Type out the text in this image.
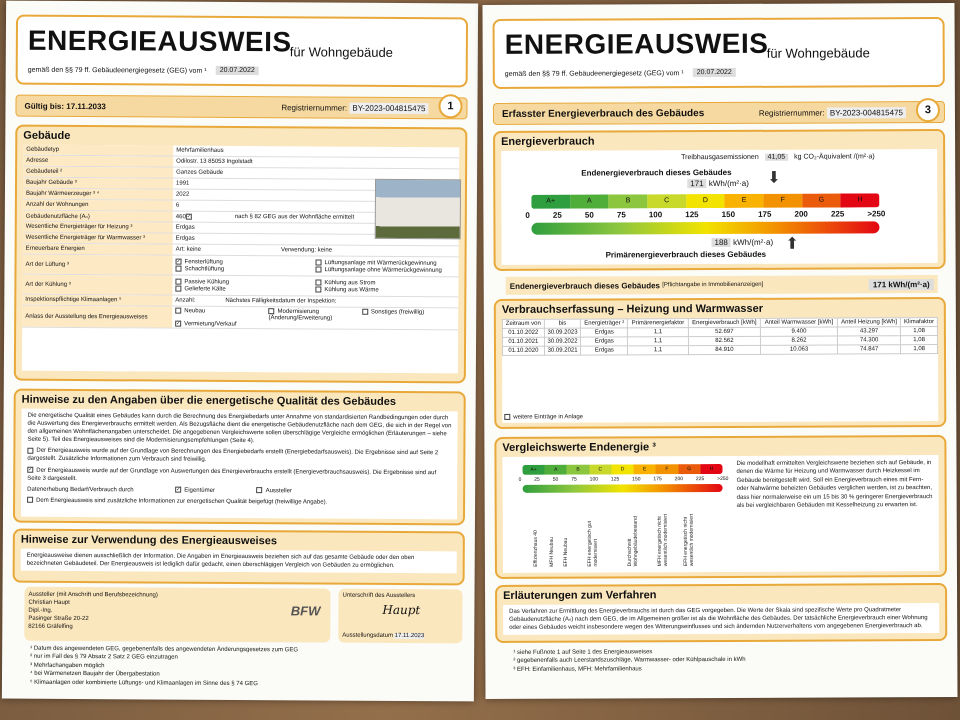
ENERGIEAUSWEIS
für Wohngebäude
gemäß den §§ 79 ff. Gebäudeenergiegesetz (GEG) vom ¹	20.07.2022
Gültig bis:
17.11.2033	Registriernummer:
BY-2023-004815475	1
Gebäude
Gebäudetyp	Mehrfamilienhaus
Adresse	Odilostr. 13 85053 Ingolstadt
Gebäudeteil ²	Ganzes Gebäude
Baujahr Gebäude ³	1991
Baujahr Wärmeerzeuger ³ ⁴	2022
Anzahl der Wohnungen	6
Gebäudenutzfläche (Aₙ)	460✓	nach § 82 GEG aus der Wohnfläche ermittelt
Wesentliche Energieträger für Heizung ³	Erdgas
Wesentliche Energieträger für Warmwasser ³	Erdgas
Erneuerbare Energien	Art: keine	Verwendung: keine
Art der Lüftung ³	✓ Fensterlüftung	Lüftungsanlage mit Wärmerückgewinnung
Schachtlüftung	Lüftungsanlage ohne Wärmerückgewinnung
Art der Kühlung ³	Passive Kühlung	Kühlung aus Strom
Gelieferte Kälte	Kühlung aus Wärme
Inspektionspflichtige Klimaanlagen ⁵	Anzahl:	Nächstes Fälligkeitsdatum der Inspektion:
Anlass der Ausstellung des Energieausweises
Neubau	Modernisierung (Änderung/Erweiterung)
Sonstiges (freiwillig)
✓ Vermietung/Verkauf
Hinweise zu den Angaben über die energetische Qualität des Gebäudes

Die energetische Qualität eines Gebäudes kann durch die Berechnung des Energiebedarfs unter Annahme von standardisierten Randbedingungen oder durch die Auswertung des Energieverbrauchs ermittelt werden. Als Bezugsfläche dient die energetische Gebäudenutzfläche nach dem GEG, die sich in der Regel von den allgemeinen Wohnflächenangaben unterscheidet. Die angegebenen Vergleichswerte sollen überschlägige Vergleiche ermöglichen (Erläuterungen – siehe Seite 5). Teil des Energieausweises sind die Modernisierungsempfehlungen (Seite 4).

Der Energieausweis wurde auf der Grundlage von Berechnungen des Energiebedarfs erstellt (Energiebedarfsausweis). Die Ergebnisse sind auf Seite 2 dargestellt. Zusätzliche Informationen zum Verbrauch sind freiwillig.

✓ Der Energieausweis wurde auf der Grundlage von Auswertungen des Energieverbrauchs erstellt (Energieverbrauchsausweis). Die Ergebnisse sind auf Seite 3 dargestellt.

Datenerhebung Bedarf/Verbrauch durch	✓ Eigentümer	Aussteller

Dem Energieausweis sind zusätzliche Informationen zur energetischen Qualität beigefügt (freiwillige Angabe).

Hinweise zur Verwendung des Energieausweises
Energieausweise dienen ausschließlich der Information. Die Angaben im Energieausweis beziehen sich auf das gesamte Gebäude oder den oben bezeichneten Gebäudeteil. Der Energieausweis ist lediglich dafür gedacht, einen überschlägigen Vergleich von Gebäuden zu ermöglichen.
Aussteller (mit Anschrift und Berufsbezeichnung)
Christian Haupt
Dipl.-Ing.
Pasinger Straße 20-22
82166 Gräfelfing
BFW
Unterschrift des Ausstellers
Haupt
Ausstellungsdatum 17.11.2023
¹ Datum des angewendeten GEG, gegebenenfalls des angewendeten Änderungsgesetzes zum GEG
² nur im Fall des § 79 Absatz 2 Satz 2 GEG einzutragen
³ Mehrfachangaben möglich
⁴ bei Wärmenetzen Baujahr der Übergabestation
⁵ Klimaanlagen oder kombinierte Lüftungs- und Klimaanlagen im Sinne des § 74 GEG
ENERGIEAUSWEIS
für Wohngebäude
gemäß den §§ 79 ff. Gebäudeenergiegesetz (GEG) vom ¹	20.07.2022
Erfasster Energieverbrauch des Gebäudes	Registriernummer:
BY-2023-004815475	3
Energieverbrauch
Treibhausgasemissionen 41,05 kg CO₂-Äquivalent /(m²·a)
Endenergieverbrauch dieses Gebäudes
171 kWh/(m²·a) ⬇
A+	A	B	C	D	E	F	G	H
0	25	50	75	100	125	150	175	200	225	>250
⬆
188 kWh/(m²·a)
Primärenergieverbrauch dieses Gebäudes
Endenergieverbrauch dieses Gebäudes
[Pflichtangabe in Immobilienanzeigen]	171 kWh/(m²·a)
Verbrauchserfassung – Heizung und Warmwasser
Zeitraum von	bis	Energieträger ²	Primärenergiefaktor	Energieverbrauch [kWh]	Anteil Warmwasser [kWh]	Anteil Heizung [kWh]	Klimafaktor
01.10.2022	30.09.2023	Erdgas	1,1	52.697	9.400	43.297	1,08
01.10.2021	30.09.2022	Erdgas	1,1	82.562	8.262	74.300	1,08
01.10.2020	30.09.2021	Erdgas	1,1	84.910	10.063	74.847	1,08
weitere Einträge in Anlage
Vergleichswerte Endenergie ³
A+	A	B	C	D	E	F	G	H
0	25	50	75	100	125	150	175	200	225	>250
Effizienzhaus 40	MFH Neubau	EFH Neubau	EFH energetisch gut modernisiert	Durchschnitt Wohngebäudebestand	MFH energetisch nicht wesentlich modernisiert	EFH energetisch nicht wesentlich modernisiert
Die modellhaft ermittelten Vergleichswerte beziehen sich auf Gebäude, in denen die Wärme für Heizung und Warmwasser durch Heizkessel im Gebäude bereitgestellt wird. Soll ein Energieverbrauch eines mit Fern- oder Nahwärme beheizten Gebäudes verglichen werden, ist zu beachten, dass hier normalerweise ein um 15 bis 30 % geringerer Energieverbrauch als bei vergleichbaren Gebäuden mit Kesselheizung zu erwarten ist.
Erläuterungen zum Verfahren
Das Verfahren zur Ermittlung des Energieverbrauchs ist durch das GEG vorgegeben. Die Werte der Skala sind spezifische Werte pro Quadratmeter Gebäudenutzfläche (Aₙ) nach dem GEG, die im Allgemeinen größer ist als die Wohnfläche des Gebäudes. Der tatsächliche Energieverbrauch einer Wohnung oder eines Gebäudes weicht insbesondere wegen des Witterungseinflusses und sich ändernden Nutzerverhaltens vom angegebenen Energieverbrauch ab.
¹ siehe Fußnote 1 auf Seite 1 des Energieausweises
² gegebenenfalls auch Leerstandszuschläge, Warmwasser- oder Kühlpauschale in kWh
³ EFH: Einfamilienhaus, MFH: Mehrfamilienhaus
